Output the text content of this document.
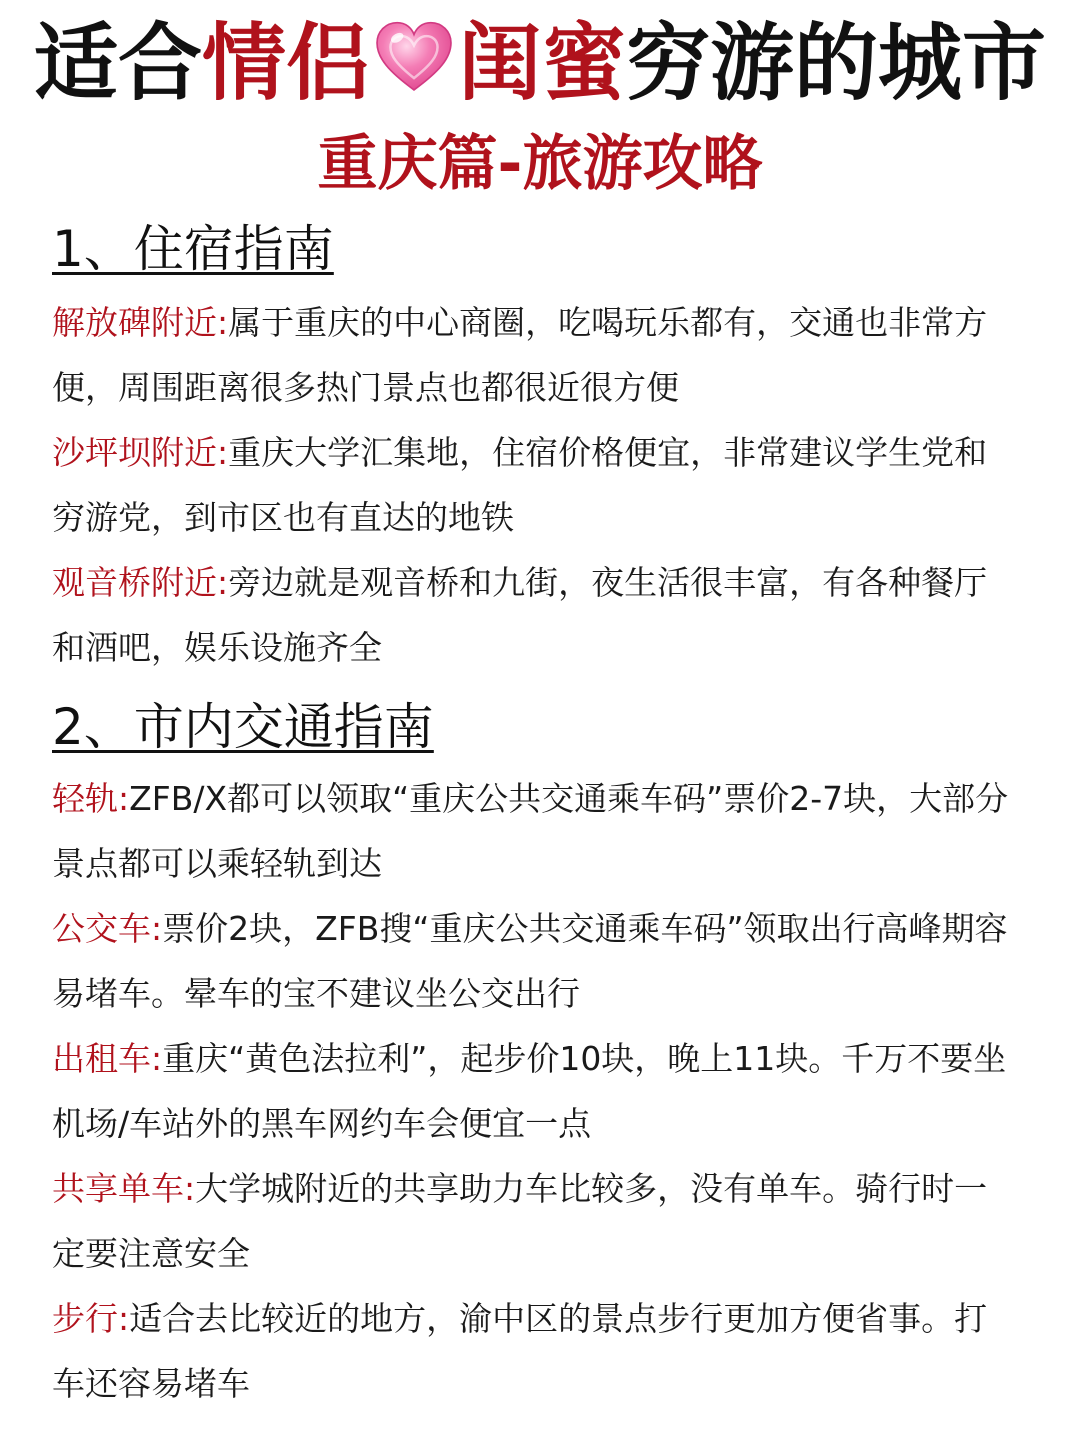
适合情侣 闺蜜穷游的城市
重庆篇-旅游攻略
1、住宿指南
解放碑附近:属于重庆的中心商圈，吃喝玩乐都有，交通也非常方便，周围距离很多热门景点也都很近很方便
沙坪坝附近:重庆大学汇集地，住宿价格便宜，非常建议学生党和穷游党，到市区也有直达的地铁
观音桥附近:旁边就是观音桥和九街，夜生活很丰富，有各种餐厅和酒吧，娱乐设施齐全
2、市内交通指南
轻轨:ZFB/X都可以领取“重庆公共交通乘车码”票价2-7块，大部分景点都可以乘轻轨到达
公交车:票价2块，ZFB搜“重庆公共交通乘车码”领取出行高峰期容易堵车。晕车的宝不建议坐公交出行
出租车:重庆“黄色法拉利”，起步价10块，晚上11块。千万不要坐机场/车站外的黑车网约车会便宜一点
共享单车:大学城附近的共享助力车比较多，没有单车。骑行时一定要注意安全
步行:适合去比较近的地方，渝中区的景点步行更加方便省事。打车还容易堵车
